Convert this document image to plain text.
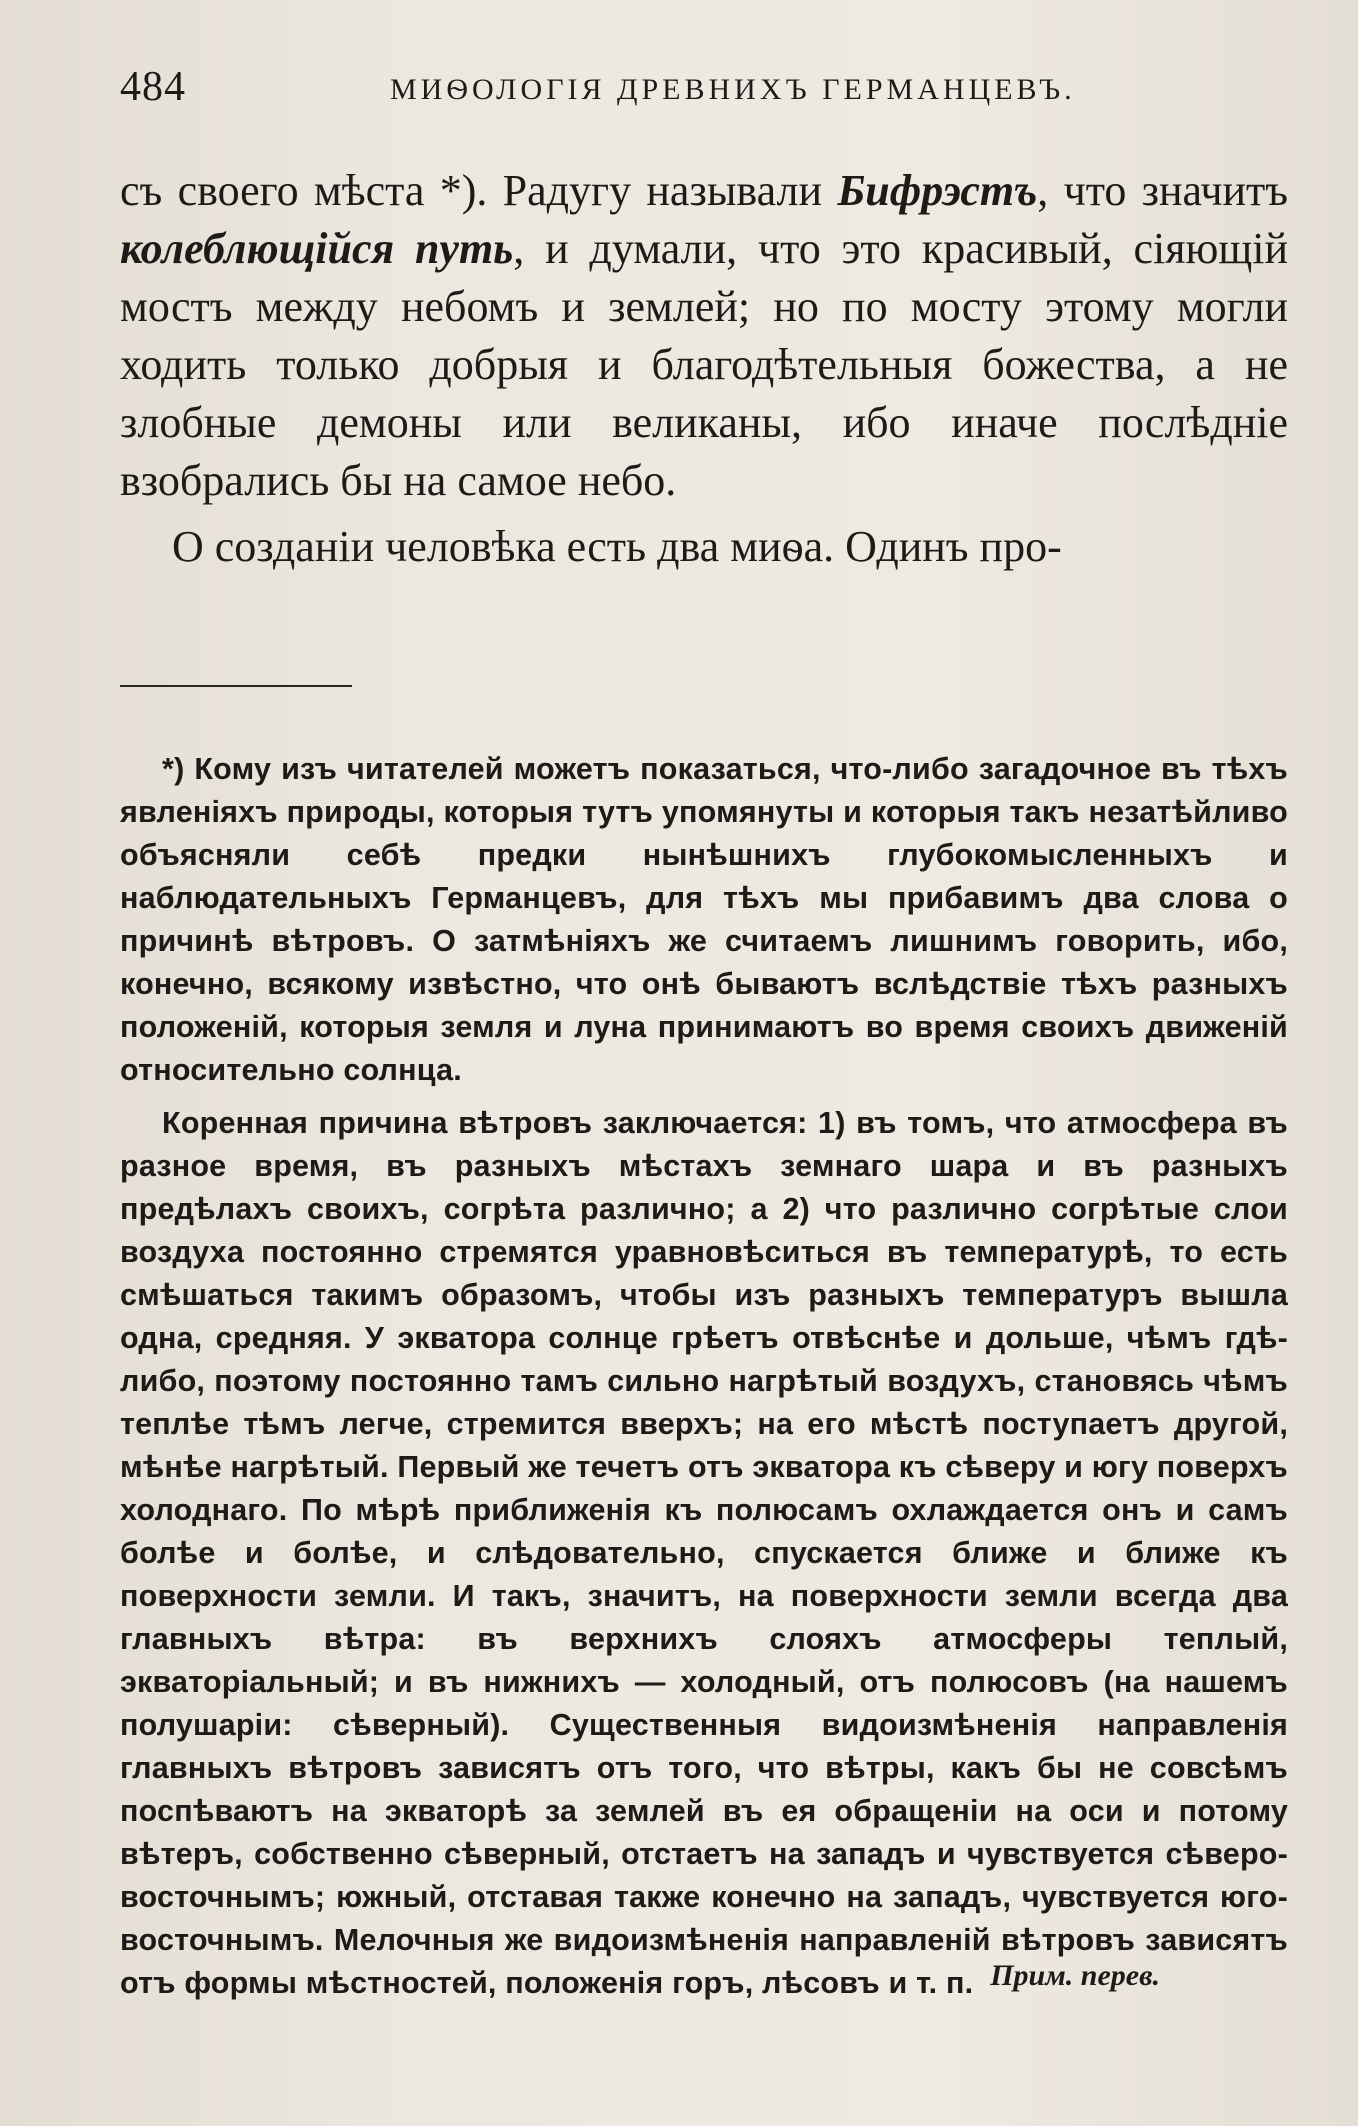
484	МИѲОЛОГІЯ ДРЕВНИХЪ ГЕРМАНЦЕВЪ.

съ своего мѣста *). Радугу называли Бифрэстъ, что значитъ колеблющійся путь, и думали, что это красивый, сіяющій мостъ между небомъ и землей; но по мосту этому могли ходить только добрыя и благодѣтельныя божества, а не злобные демоны или великаны, ибо иначе послѣдніе взобрались бы на самое небо.

О созданіи человѣка есть два миѳа. Одинъ про-

*) Кому изъ читателей можетъ показаться, что-либо загадочное въ тѣхъ явленіяхъ природы, которыя тутъ упомянуты и которыя такъ незатѣйливо объясняли себѣ предки нынѣшнихъ глубокомысленныхъ и наблюдательныхъ Германцевъ, для тѣхъ мы прибавимъ два слова о причинѣ вѣтровъ. О затмѣніяхъ же считаемъ лишнимъ говорить, ибо, конечно, всякому извѣстно, что онѣ бываютъ вслѣдствіе тѣхъ разныхъ положеній, которыя земля и луна принимаютъ во время своихъ движеній относительно солнца.

Коренная причина вѣтровъ заключается: 1) въ томъ, что атмосфера въ разное время, въ разныхъ мѣстахъ земнаго шара и въ разныхъ предѣлахъ своихъ, согрѣта различно; а 2) что различно согрѣтые слои воздуха постоянно стремятся уравновѣситься въ температурѣ, то есть смѣшаться такимъ образомъ, чтобы изъ разныхъ температуръ вышла одна, средняя. У экватора солнце грѣетъ отвѣснѣе и дольше, чѣмъ гдѣ-либо, поэтому постоянно тамъ сильно нагрѣтый воздухъ, становясь чѣмъ теплѣе тѣмъ легче, стремится вверхъ; на его мѣстѣ поступаетъ другой, мѣнѣе нагрѣтый. Первый же течетъ отъ экватора къ сѣверу и югу поверхъ холоднаго. По мѣрѣ приближенія къ полюсамъ охлаждается онъ и самъ болѣе и болѣе, и слѣдовательно, спускается ближе и ближе къ поверхности земли. И такъ, значитъ, на поверхности земли всегда два главныхъ вѣтра: въ верхнихъ слояхъ атмосферы теплый, экваторіальный; и въ нижнихъ — холодный, отъ полюсовъ (на нашемъ полушаріи: сѣверный). Существенныя видоизмѣненія направленія главныхъ вѣтровъ зависятъ отъ того, что вѣтры, какъ бы не совсѣмъ поспѣваютъ на экваторѣ за землей въ ея обращеніи на оси и потому вѣтеръ, собственно сѣверный, отстаетъ на западъ и чувствуется сѣверо-восточнымъ; южный, отставая также конечно на западъ, чувствуется юго-восточнымъ. Мелочныя же видоизмѣненія направленій вѣтровъ зависятъ отъ формы мѣстностей, положенія горъ, лѣсовъ и т. п. Прим. перев.
